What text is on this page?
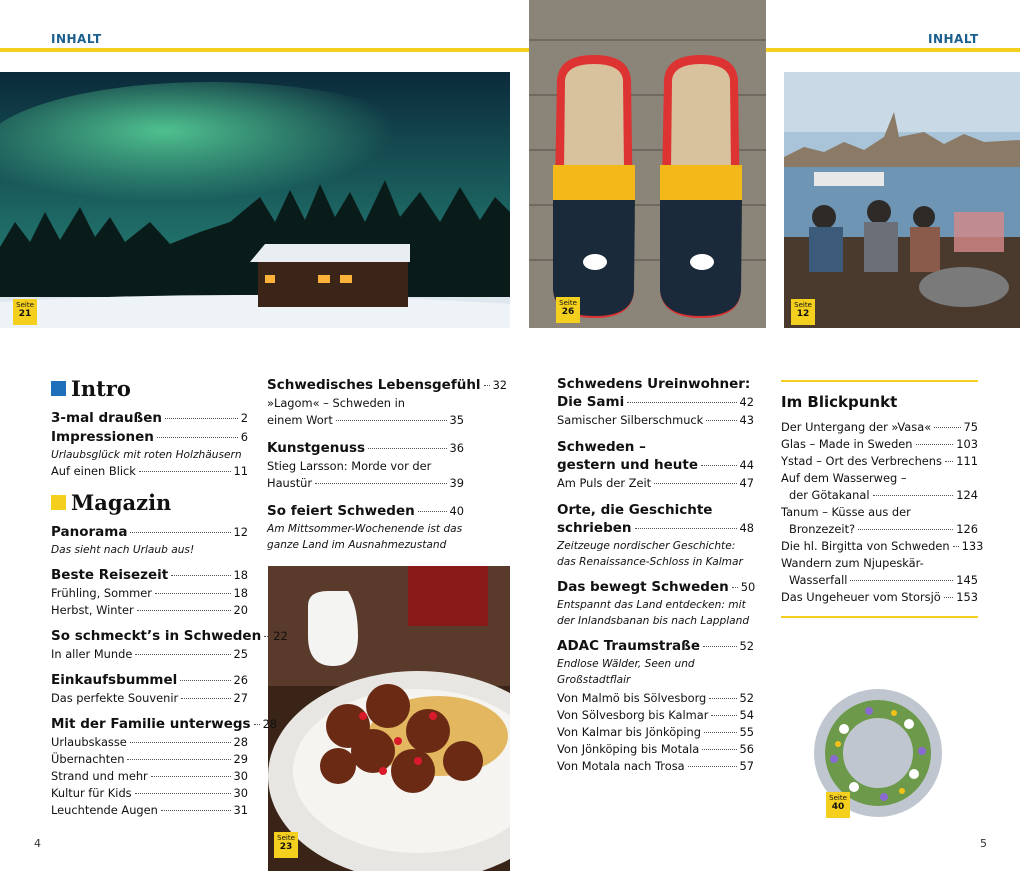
INHALT	INHALT
Seite
21
Seite
26
Seite
12
Seite
23
Seite
40
Intro
3-mal draußen	2
Impressionen	6
Urlaubsglück mit roten Holzhäusern
Auf einen Blick	11
Magazin
Panorama	12
Das sieht nach Urlaub aus!
Beste Reisezeit	18
Frühling, Sommer	18
Herbst, Winter	20
So schmeckt’s in Schweden 22
In aller Munde	25
Einkaufsbummel	26
Das perfekte Souvenir	27
Mit der Familie unterwegs 28
Urlaubskasse	28
Übernachten	29
Strand und mehr	30
Kultur für Kids	30
Leuchtende Augen	31
Schwedisches Lebensgefühl 32
»Lagom« – Schweden in
einem Wort	35
Kunstgenuss	36
Stieg Larsson: Morde vor der
Haustür	39
So feiert Schweden	40
Am Mittsommer-Wochenende ist das ganze Land im Ausnahmezustand
Schwedens Ureinwohner:
Die Sami	42
Samischer Silberschmuck	43
Schweden –
gestern und heute	44
Am Puls der Zeit	47
Orte, die Geschichte
schrieben	48
Zeitzeuge nordischer Geschichte: das Renaissance-Schloss in Kalmar
Das bewegt Schweden 50
Entspannt das Land entdecken: mit der Inlandsbanan bis nach Lappland
ADAC Traumstraße	52
Endlose Wälder, Seen und Großstadtflair
Von Malmö bis Sölvesborg	52
Von Sölvesborg bis Kalmar	54
Von Kalmar bis Jönköping	55
Von Jönköping bis Motala	56
Von Motala nach Trosa	57
Im Blickpunkt
Der Untergang der »Vasa«	75
Glas – Made in Sweden	103
Ystad – Ort des Verbrechens 111
Auf dem Wasserweg –
der Götakanal	124
Tanum – Küsse aus der
Bronzezeit?	126
Die hl. Birgitta von Schweden 133
Wandern zum Njupeskär-
Wasserfall	145
Das Ungeheuer vom Storsjö 153
4	5
